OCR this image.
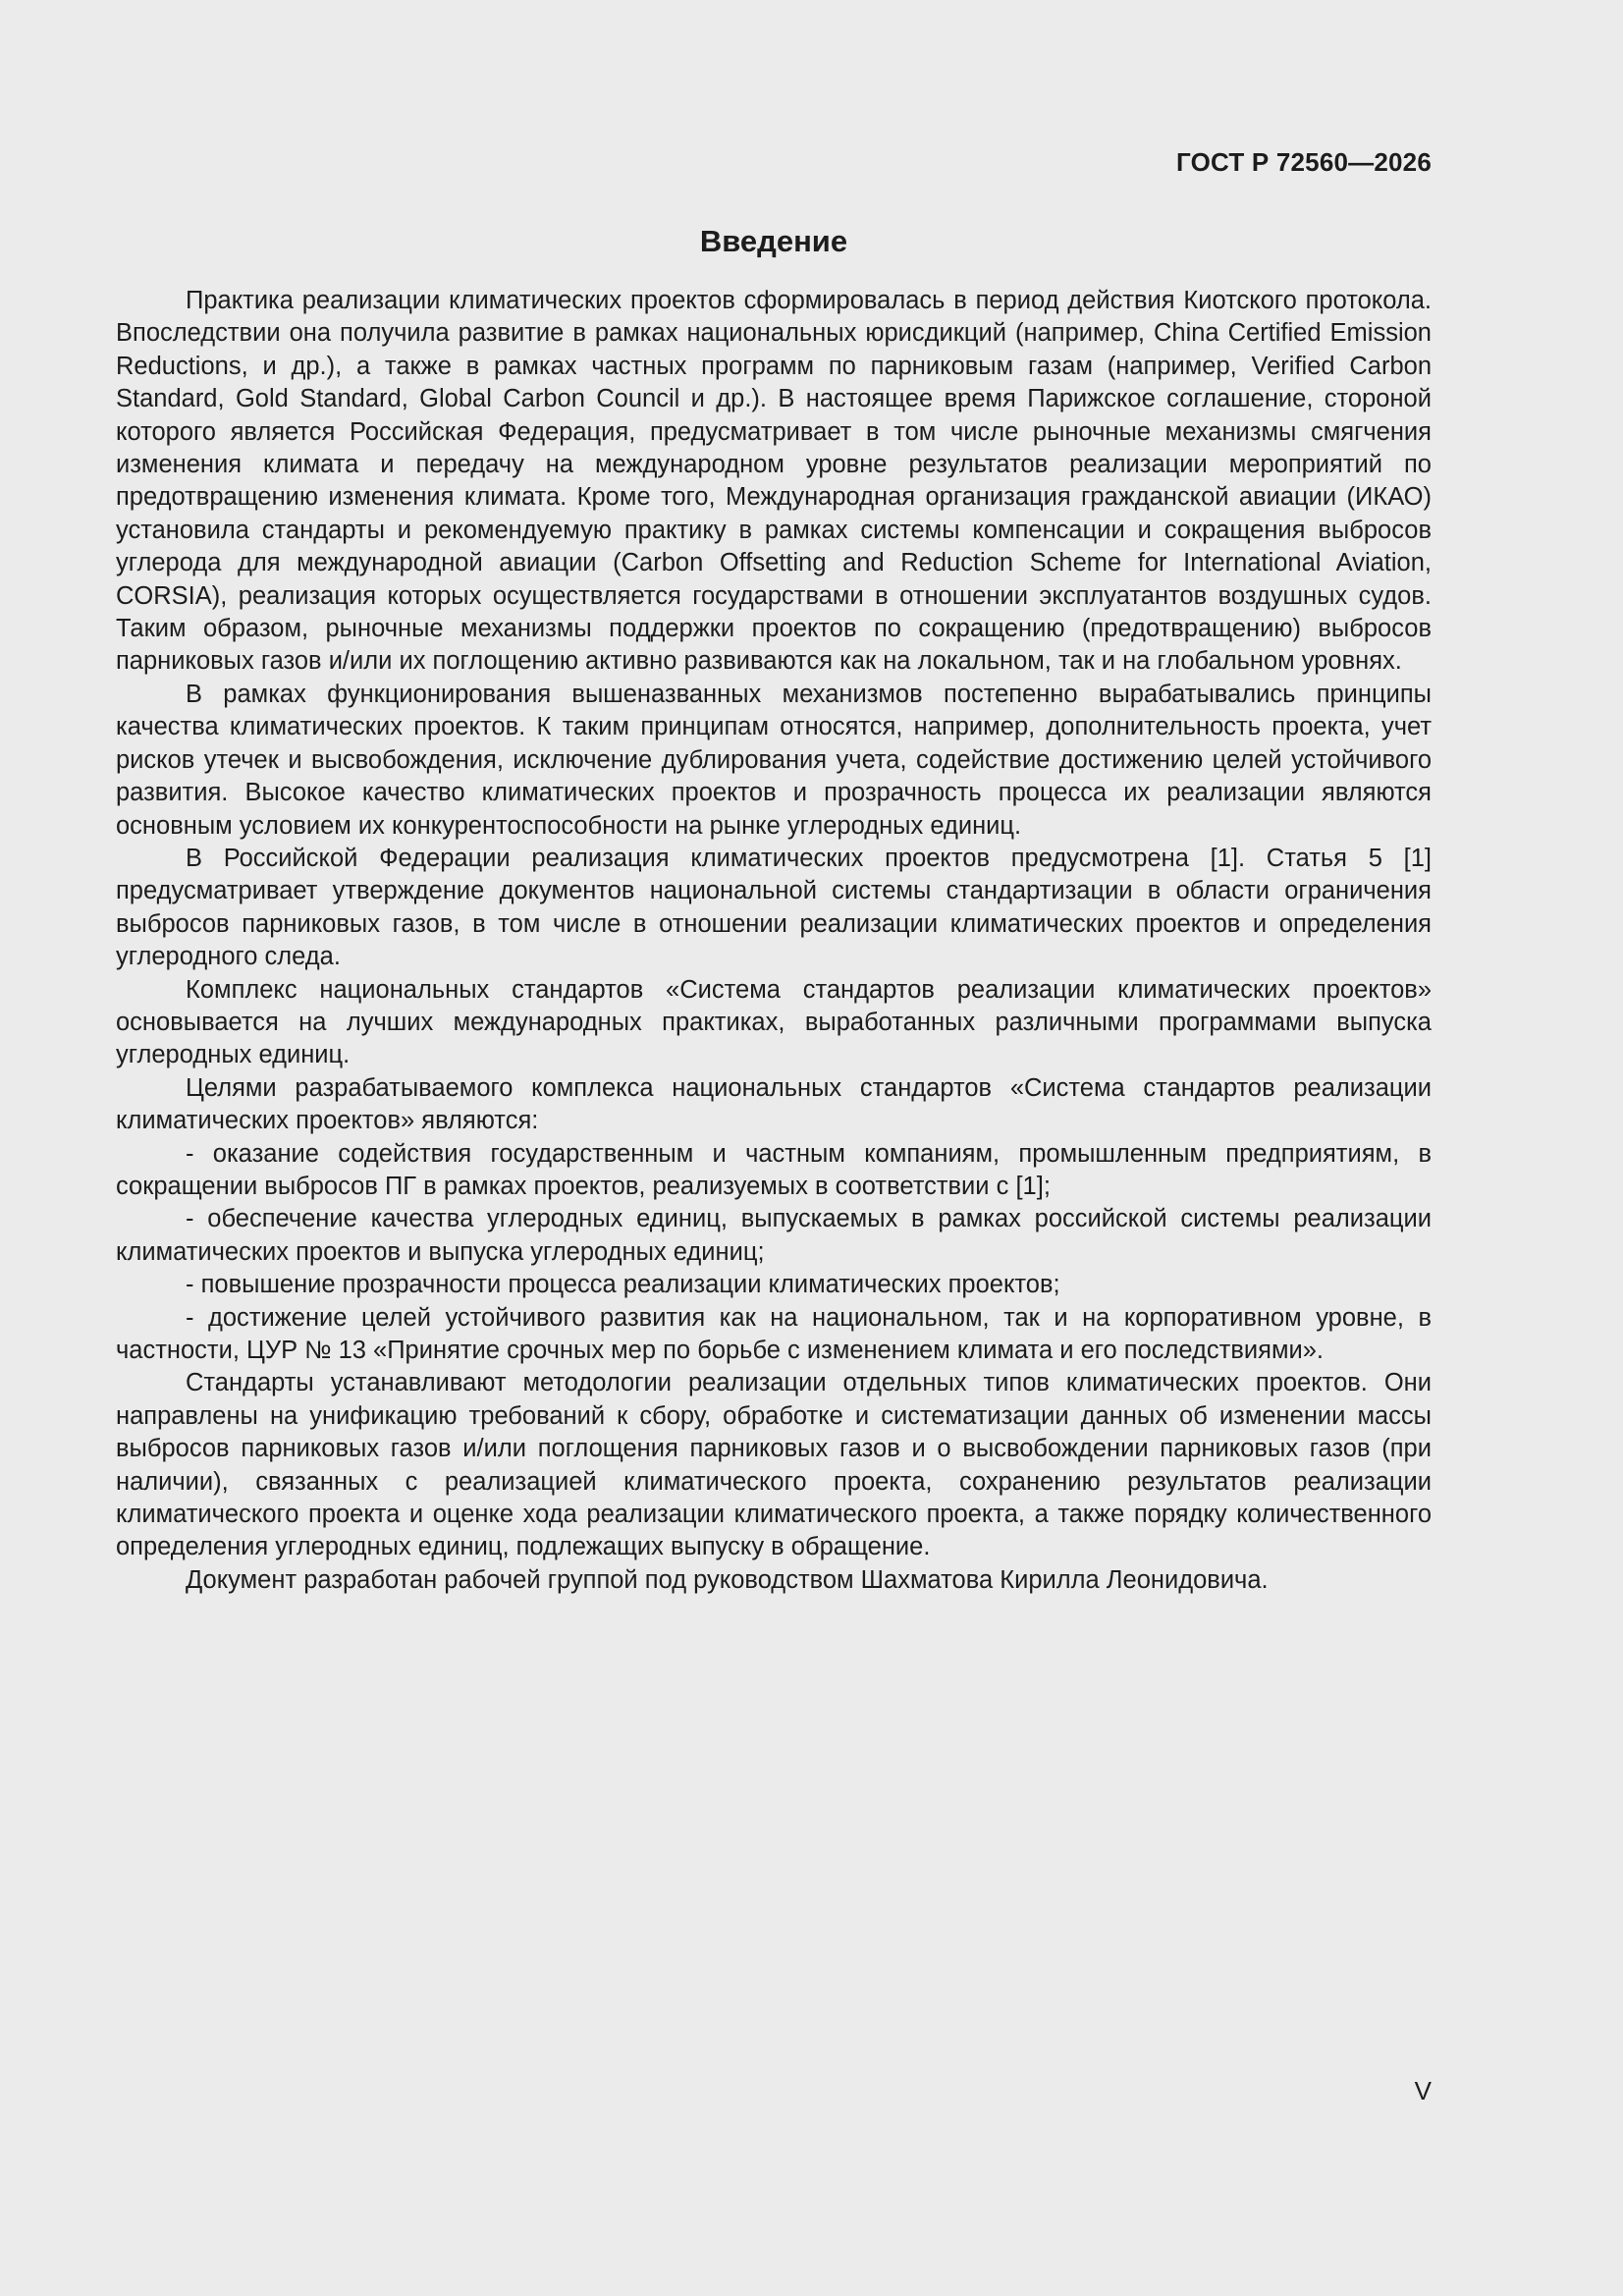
ГОСТ Р 72560—2026
Введение

Практика реализации климатических проектов сформировалась в период действия Киотского протокола. Впоследствии она получила развитие в рамках национальных юрисдикций (например, China Certified Emission Reductions, и др.), а также в рамках частных программ по парниковым газам (например, Verified Carbon Standard, Gold Standard, Global Carbon Council и др.). В настоящее время Парижское соглашение, стороной которого является Российская Федерация, предусматривает в том числе рыночные механизмы смягчения изменения климата и передачу на международном уровне результатов реализации мероприятий по предотвращению изменения климата. Кроме того, Международная организация гражданской авиации (ИКАО) установила стандарты и рекомендуемую практику в рамках системы компенсации и сокращения выбросов углерода для международной авиации (Carbon Offsetting and Reduction Scheme for International Aviation, CORSIA), реализация которых осуществляется государствами в отношении эксплуатантов воздушных судов. Таким образом, рыночные механизмы поддержки проектов по сокращению (предотвращению) выбросов парниковых газов и/или их поглощению активно развиваются как на локальном, так и на глобальном уровнях.

В рамках функционирования вышеназванных механизмов постепенно вырабатывались принципы качества климатических проектов. К таким принципам относятся, например, дополнительность проекта, учет рисков утечек и высвобождения, исключение дублирования учета, содействие достижению целей устойчивого развития. Высокое качество климатических проектов и прозрачность процесса их реализации являются основным условием их конкурентоспособности на рынке углеродных единиц.

В Российской Федерации реализация климатических проектов предусмотрена [1]. Статья 5 [1] предусматривает утверждение документов национальной системы стандартизации в области ограничения выбросов парниковых газов, в том числе в отношении реализации климатических проектов и определения углеродного следа.

Комплекс национальных стандартов «Система стандартов реализации климатических проектов» основывается на лучших международных практиках, выработанных различными программами выпуска углеродных единиц.

Целями разрабатываемого комплекса национальных стандартов «Система стандартов реализации климатических проектов» являются:

- оказание содействия государственным и частным компаниям, промышленным предприятиям, в сокращении выбросов ПГ в рамках проектов, реализуемых в соответствии с [1];

- обеспечение качества углеродных единиц, выпускаемых в рамках российской системы реализации климатических проектов и выпуска углеродных единиц;

- повышение прозрачности процесса реализации климатических проектов;

- достижение целей устойчивого развития как на национальном, так и на корпоративном уровне, в частности, ЦУР № 13 «Принятие срочных мер по борьбе с изменением климата и его последствиями».

Стандарты устанавливают методологии реализации отдельных типов климатических проектов. Они направлены на унификацию требований к сбору, обработке и систематизации данных об изменении массы выбросов парниковых газов и/или поглощения парниковых газов и о высвобождении парниковых газов (при наличии), связанных с реализацией климатического проекта, сохранению результатов реализации климатического проекта и оценке хода реализации климатического проекта, а также порядку количественного определения углеродных единиц, подлежащих выпуску в обращение.

Документ разработан рабочей группой под руководством Шахматова Кирилла Леонидовича.

V
